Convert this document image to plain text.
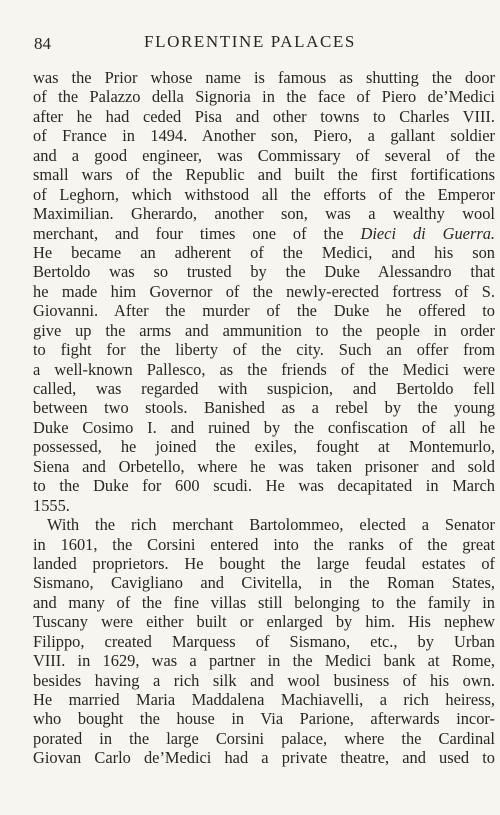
84	FLORENTINE PALACES
was the Prior whose name is famous as shutting the door
of the Palazzo della Signoria in the face of Piero de’Medici
after he had ceded Pisa and other towns to Charles VIII.
of France in 1494. Another son, Piero, a gallant soldier
and a good engineer, was Commissary of several of the
small wars of the Republic and built the first fortifications
of Leghorn, which withstood all the efforts of the Emperor
Maximilian. Gherardo, another son, was a wealthy wool
merchant, and four times one of the Dieci di Guerra.
He became an adherent of the Medici, and his son
Bertoldo was so trusted by the Duke Alessandro that
he made him Governor of the newly-erected fortress of S.
Giovanni. After the murder of the Duke he offered to
give up the arms and ammunition to the people in order
to fight for the liberty of the city. Such an offer from
a well-known Pallesco, as the friends of the Medici were
called, was regarded with suspicion, and Bertoldo fell
between two stools. Banished as a rebel by the young
Duke Cosimo I. and ruined by the confiscation of all he
possessed, he joined the exiles, fought at Montemurlo,
Siena and Orbetello, where he was taken prisoner and sold
to the Duke for 600 scudi. He was decapitated in March
1555.
With the rich merchant Bartolommeo, elected a Senator
in 1601, the Corsini entered into the ranks of the great
landed proprietors. He bought the large feudal estates of
Sismano, Cavigliano and Civitella, in the Roman States,
and many of the fine villas still belonging to the family in
Tuscany were either built or enlarged by him. His nephew
Filippo, created Marquess of Sismano, etc., by Urban
VIII. in 1629, was a partner in the Medici bank at Rome,
besides having a rich silk and wool business of his own.
He married Maria Maddalena Machiavelli, a rich heiress,
who bought the house in Via Parione, afterwards incor-
porated in the large Corsini palace, where the Cardinal
Giovan Carlo de’Medici had a private theatre, and used to
